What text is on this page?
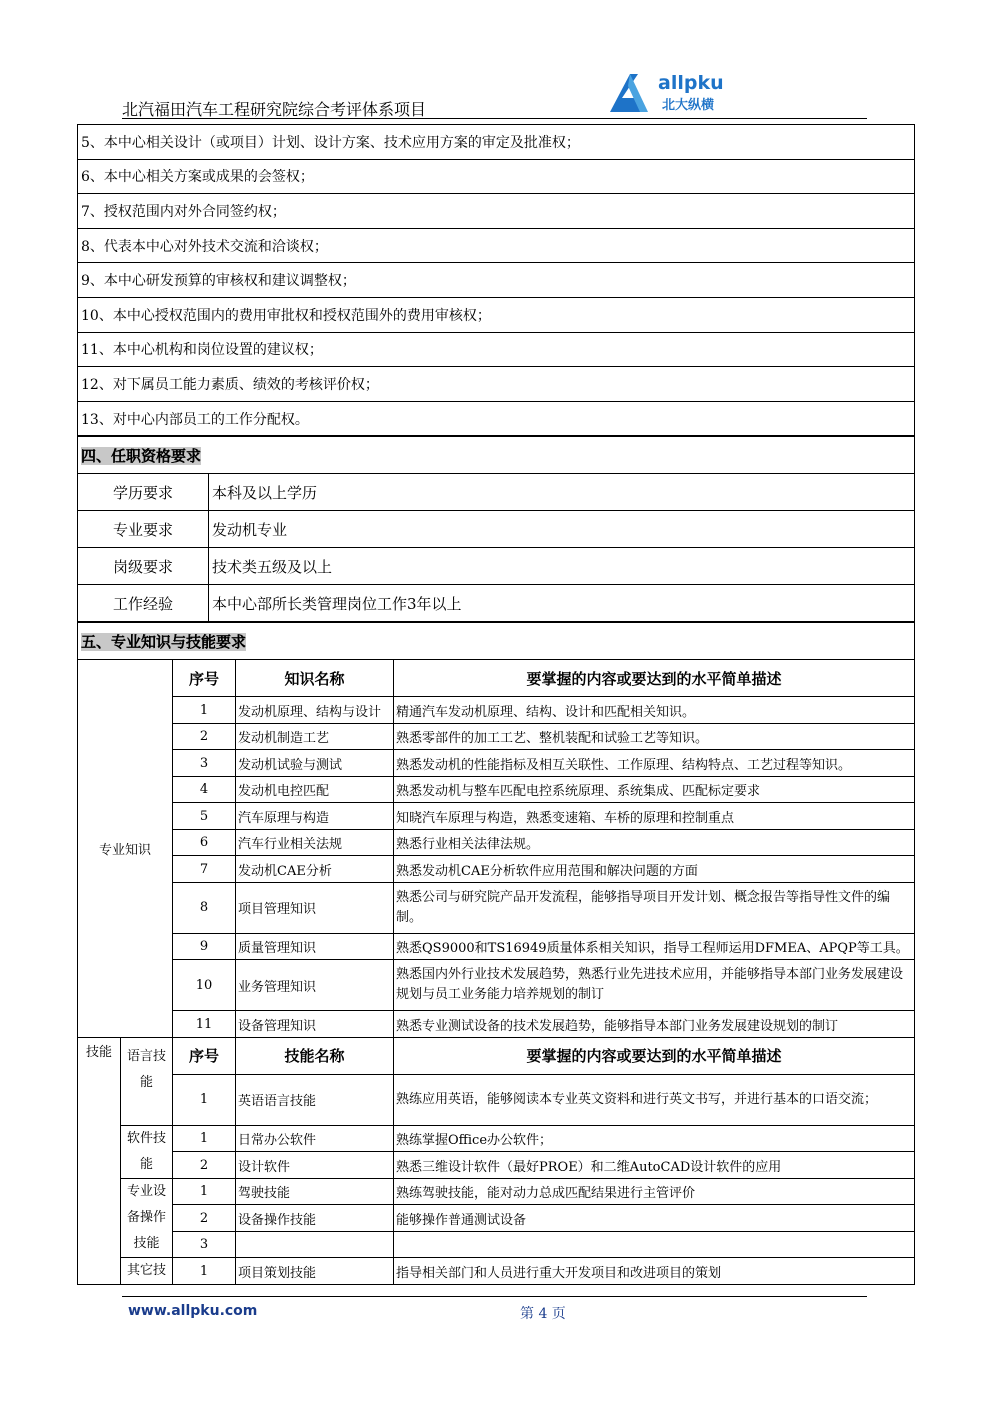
北汽福田汽车工程研究院综合考评体系项目
allpku
北大纵横
5、本中心相关设计（或项目）计划、设计方案、技术应用方案的审定及批准权；
6、本中心相关方案或成果的会签权；
7、授权范围内对外合同签约权；
8、代表本中心对外技术交流和洽谈权；
9、本中心研发预算的审核权和建议调整权；
10、本中心授权范围内的费用审批权和授权范围外的费用审核权；
11、本中心机构和岗位设置的建议权；
12、对下属员工能力素质、绩效的考核评价权；
13、对中心内部员工的工作分配权。
四、任职资格要求	
学历要求	本科及以上学历
专业要求	发动机专业
岗级要求	技术类五级及以上
工作经验	本中心部所长类管理岗位工作3年以上
五、专业知识与技能要求				
专业知识		序号	知识名称	要掌握的内容或要达到的水平简单描述
		1	发动机原理、结构与设计	精通汽车发动机原理、结构、设计和匹配相关知识。
		2	发动机制造工艺	熟悉零部件的加工工艺、整机装配和试验工艺等知识。
		3	发动机试验与测试	熟悉发动机的性能指标及相互关联性、工作原理、结构特点、工艺过程等知识。
		4	发动机电控匹配	熟悉发动机与整车匹配电控系统原理、系统集成、匹配标定要求
		5	汽车原理与构造	知晓汽车原理与构造，熟悉变速箱、车桥的原理和控制重点
		6	汽车行业相关法规	熟悉行业相关法律法规。
		7	发动机CAE分析	熟悉发动机CAE分析软件应用范围和解决问题的方面
		8	项目管理知识	熟悉公司与研究院产品开发流程，能够指导项目开发计划、概念报告等指导性文件的编制。
		9	质量管理知识	熟悉QS9000和TS16949质量体系相关知识，指导工程师运用DFMEA、APQP等工具。
		10	业务管理知识	熟悉国内外行业技术发展趋势，熟悉行业先进技术应用，并能够指导本部门业务发展建设规划与员工业务能力培养规划的制订
		11	设备管理知识	熟悉专业测试设备的技术发展趋势，能够指导本部门业务发展建设规划的制订
技能	语言技能	序号	技能名称	要掌握的内容或要达到的水平简单描述
		1	英语语言技能	熟练应用英语，能够阅读本专业英文资料和进行英文书写，并进行基本的口语交流；
	软件技能	1	日常办公软件	熟练掌握Office办公软件；
		2	设计软件	熟悉三维设计软件（最好PROE）和二维AutoCAD设计软件的应用
	专业设备操作技能	1	驾驶技能	熟练驾驶技能，能对动力总成匹配结果进行主管评价
		2	设备操作技能	能够操作普通测试设备
		3		
	其它技	1	项目策划技能	指导相关部门和人员进行重大开发项目和改进项目的策划
www.allpku.com	第 4 页
